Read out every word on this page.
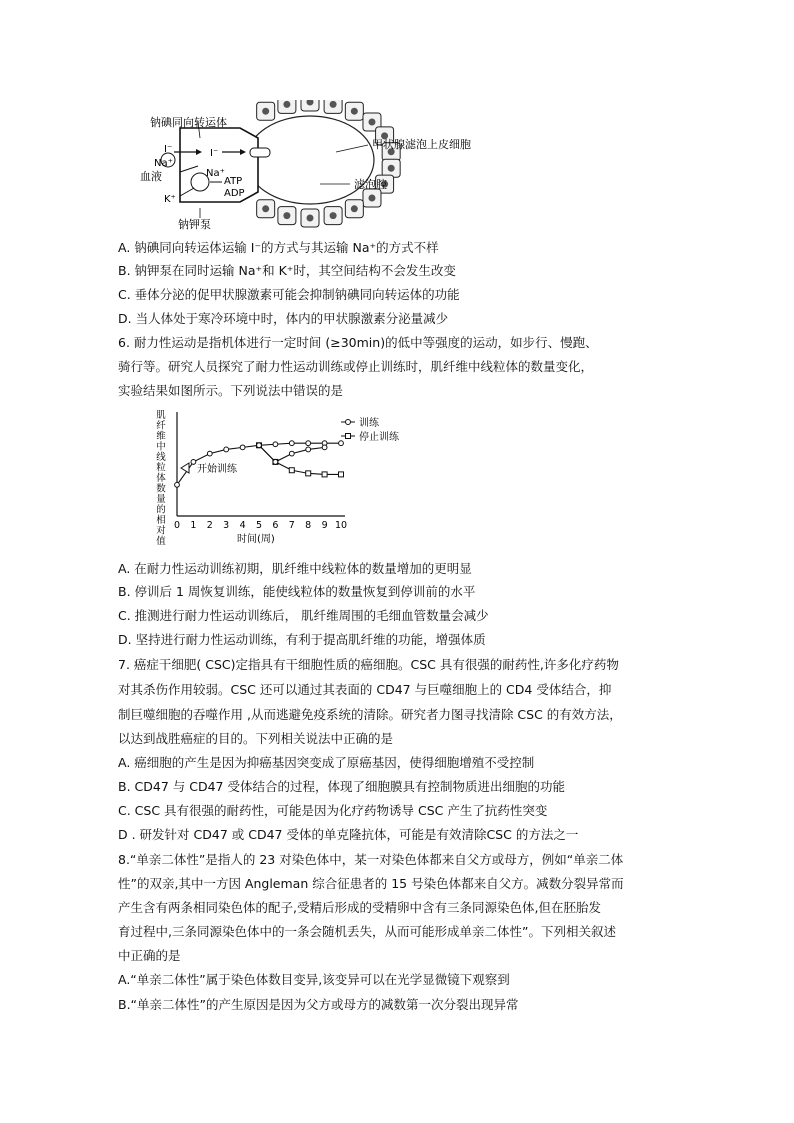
钠碘同向转运体
甲状腺滤泡上皮细胞
滤泡腔
血液
钠钾泵
I⁻	I⁻
Na⁺
Na⁺
K⁺
ATP
ADP
A. 钠碘同向转运体运输 I⁻的方式与其运输 Na⁺的方式不样
B. 钠钾泵在同时运输 Na⁺和 K⁺时，其空间结构不会发生改变
C. 垂体分泌的促甲状腺激素可能会抑制钠碘同向转运体的功能
D. 当人体处于寒冷环境中时，体内的甲状腺激素分泌量减少
6. 耐力性运动是指机体进行一定时间 (≥30min)的低中等强度的运动，如步行、慢跑、
骑行等。研究人员探究了耐力性运动训练或停止训练时，肌纤维中线粒体的数量变化，
实验结果如图所示。下列说法中错误的是
肌
纤
维
中
线
粒
体
数
量
的
相
对
值
0 1 2 3 4 5 6 7 8 9 10
时间(周)
开始训练
训练
停止训练
A. 在耐力性运动训练初期，肌纤维中线粒体的数量增加的更明显
B. 停训后 1 周恢复训练，能使线粒体的数量恢复到停训前的水平
C. 推测进行耐力性运动训练后， 肌纤维周围的毛细血管数量会减少
D. 坚持进行耐力性运动训练，有利于提高肌纤维的功能，增强体质
7. 癌症干细肥( CSC)定指具有干细胞性质的癌细胞。CSC 具有很强的耐药性,许多化疗药物
对其杀伤作用较弱。CSC 还可以通过其表面的 CD47 与巨噬细胞上的 CD4 受体结合，抑
制巨噬细胞的吞噬作用 ,从而逃避免疫系统的清除。研究者力图寻找清除 CSC 的有效方法，
以达到战胜癌症的目的。下列相关说法中正确的是
A. 癌细胞的产生是因为抑癌基因突变成了原癌基因，使得细胞增殖不受控制
B. CD47 与 CD47 受体结合的过程，体现了细胞膜具有控制物质进出细胞的功能
C. CSC 具有很强的耐药性，可能是因为化疗药物诱导 CSC 产生了抗药性突变
D . 研发针对 CD47 或 CD47 受体的单克隆抗体，可能是有效清除CSC 的方法之一
8.“单亲二体性”是指人的 23 对染色体中，某一对染色体都来自父方或母方，例如“单亲二体
性”的双亲,其中一方因 Angleman 综合征患者的 15 号染色体都来自父方。减数分裂异常而
产生含有两条相同染色体的配子,受精后形成的受精卵中含有三条同源染色体,但在胚胎发
育过程中,三条同源染色体中的一条会随机丢失，从而可能形成单亲二体性”。下列相关叙述
中正确的是
A.“单亲二体性”属于染色体数目变异,该变异可以在光学显微镜下观察到
B.“单亲二体性”的产生原因是因为父方或母方的减数第一次分裂出现异常
